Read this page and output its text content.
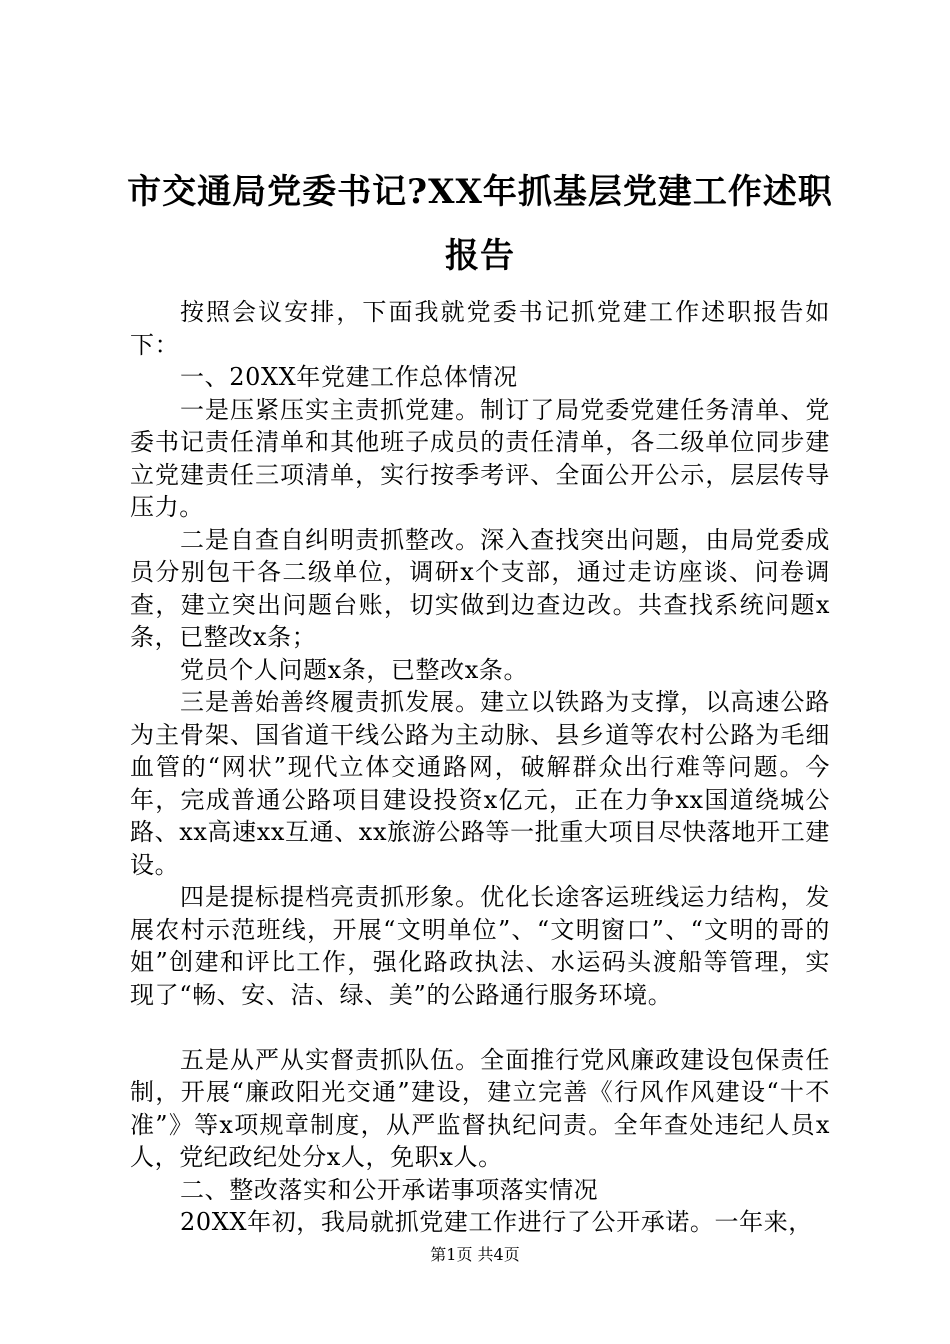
市交通局党委书记?XX年抓基层党建工作述职报告

按照会议安排，下面我就党委书记抓党建工作述职报告如下：

一、20XX年党建工作总体情况

一是压紧压实主责抓党建。制订了局党委党建任务清单、党委书记责任清单和其他班子成员的责任清单，各二级单位同步建立党建责任三项清单，实行按季考评、全面公开公示，层层传导压力。

二是自查自纠明责抓整改。深入查找突出问题，由局党委成员分别包干各二级单位，调研x个支部，通过走访座谈、问卷调查，建立突出问题台账，切实做到边查边改。共查找系统问题x条，已整改x条；

党员个人问题x条，已整改x条。

三是善始善终履责抓发展。建立以铁路为支撑，以高速公路为主骨架、国省道干线公路为主动脉、县乡道等农村公路为毛细血管的“网状”现代立体交通路网，破解群众出行难等问题。今年，完成普通公路项目建设投资x亿元，正在力争xx国道绕城公路、xx高速xx互通、xx旅游公路等一批重大项目尽快落地开工建设。

四是提标提档亮责抓形象。优化长途客运班线运力结构，发展农村示范班线，开展“文明单位”、“文明窗口”、“文明的哥的姐”创建和评比工作，强化路政执法、水运码头渡船等管理，实现了“畅、安、洁、绿、美”的公路通行服务环境。

五是从严从实督责抓队伍。全面推行党风廉政建设包保责任制，开展“廉政阳光交通”建设，建立完善《行风作风建设“十不准”》等x项规章制度，从严监督执纪问责。全年查处违纪人员x人，党纪政纪处分x人，免职x人。

二、整改落实和公开承诺事项落实情况

20XX年初，我局就抓党建工作进行了公开承诺。一年来，

第1页 共4页
